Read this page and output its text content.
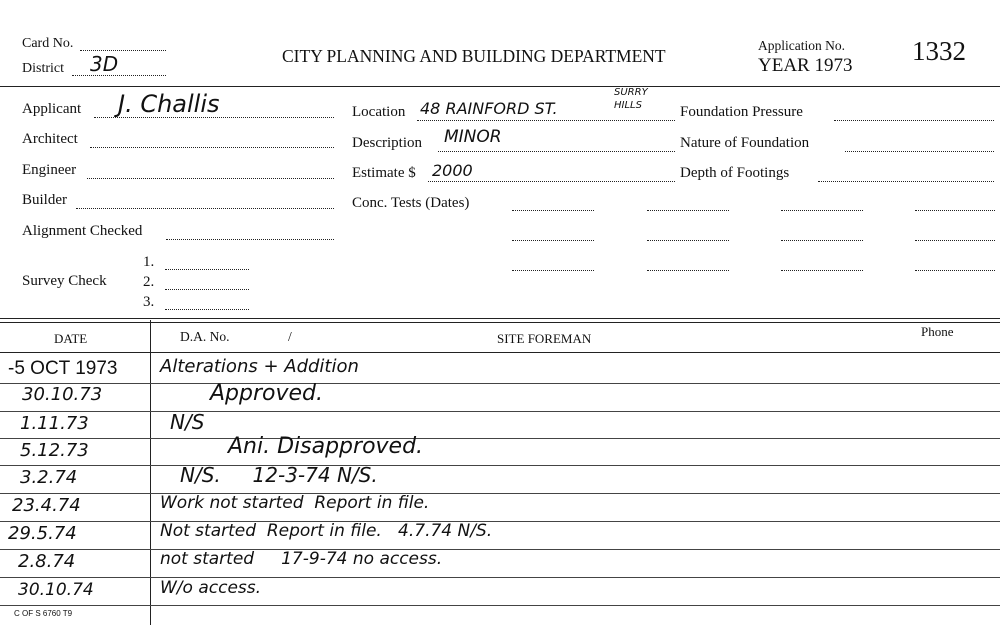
Card No.
District 3D	CITY PLANNING AND BUILDING DEPARTMENT
Application No.
YEAR 1973 1332
Applicant J. Challis
Architect
Engineer
Builder
Alignment Checked
Survey Check
1.
2.
3.
Location 48 RAINFORD ST.
SURRY HILLS
Description MINOR
Estimate $ 2000
Conc. Tests (Dates)
Foundation Pressure
Nature of Foundation
Depth of Footings
DATE	D.A. No.	/	SITE FOREMAN	Phone
-5 OCT 1973 Alterations + Addition
30.10.73	Approved.
1.11.73	N/S
5.12.73	Ani. Disapproved.
3.2.74	N/S.     12-3-74 N/S.
23.4.74	Work not started  Report in file.
29.5.74	Not started  Report in file.   4.7.74 N/S.
2.8.74	not started     17-9-74 no access.
30.10.74	W/o access.
C OF S 6760 T9
